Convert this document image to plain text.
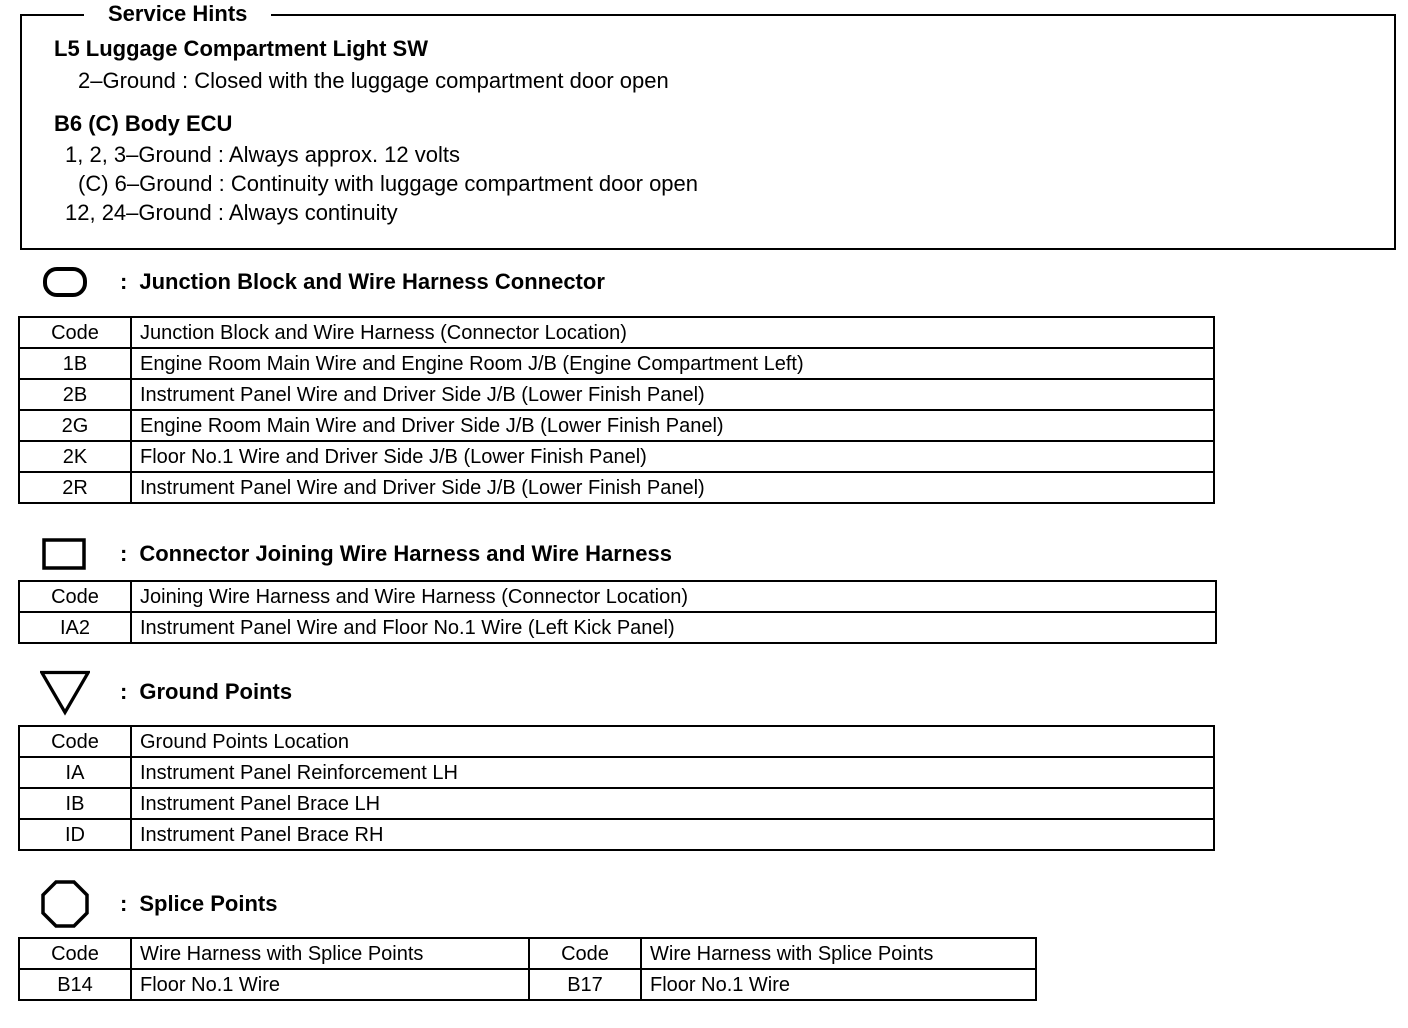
Service Hints
L5 Luggage Compartment Light SW
2–Ground : Closed with the luggage compartment door open
B6 (C) Body ECU
1, 2, 3–Ground : Always approx. 12 volts
(C) 6–Ground : Continuity with luggage compartment door open
12, 24–Ground : Always continuity
: Junction Block and Wire Harness Connector
Code	Junction Block and Wire Harness (Connector Location)
1B	Engine Room Main Wire and Engine Room J/B (Engine Compartment Left)
2B	Instrument Panel Wire and Driver Side J/B (Lower Finish Panel)
2G	Engine Room Main Wire and Driver Side J/B (Lower Finish Panel)
2K	Floor No.1 Wire and Driver Side J/B (Lower Finish Panel)
2R	Instrument Panel Wire and Driver Side J/B (Lower Finish Panel)
: Connector Joining Wire Harness and Wire Harness
Code	Joining Wire Harness and Wire Harness (Connector Location)
IA2	Instrument Panel Wire and Floor No.1 Wire (Left Kick Panel)
: Ground Points
Code	Ground Points Location
IA	Instrument Panel Reinforcement LH
IB	Instrument Panel Brace LH
ID	Instrument Panel Brace RH
: Splice Points
Code	Wire Harness with Splice Points	Code	Wire Harness with Splice Points
B14	Floor No.1 Wire	B17	Floor No.1 Wire
